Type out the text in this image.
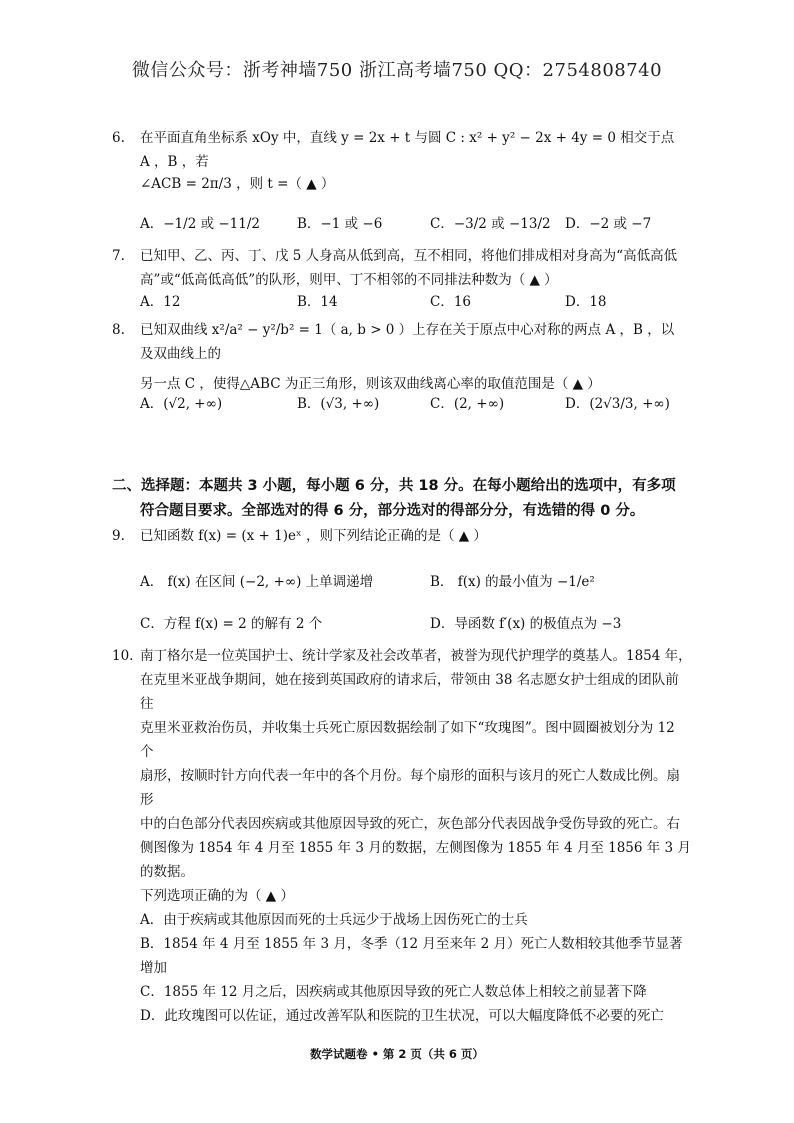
微信公众号：浙考神墙750 浙江高考墙750 QQ：2754808740
6. 在平面直角坐标系 xOy 中，直线 y = 2x + t 与圆 C : x² + y² − 2x + 4y = 0 相交于点 A ，B ，若
∠ACB = 2π/3 ，则 t =（ ▲ ）
A．−1/2 或 −11/2	B．−1 或 −6	C．−3/2 或 −13/2 D．−2 或 −7
7. 已知甲、乙、丙、丁、戊 5 人身高从低到高，互不相同，将他们排成相对身高为“高低高低
高”或“低高低高低”的队形，则甲、丁不相邻的不同排法种数为（ ▲ ）
A．12	B．14	C．16	D．18
8. 已知双曲线 x²/a² − y²/b² = 1（ a, b > 0 ）上存在关于原点中心对称的两点 A ，B ，以及双曲线上的
另一点 C ，使得△ABC 为正三角形，则该双曲线离心率的取值范围是（ ▲ ）
A．(√2, +∞)	B．(√3, +∞)	C．(2, +∞)	D．(2√3/3, +∞)
二、选择题：本题共 3 小题，每小题 6 分，共 18 分。在每小题给出的选项中，有多项
符合题目要求。全部选对的得 6 分，部分选对的得部分分，有选错的得 0 分。
9. 已知函数 f(x) = (x + 1)eˣ ，则下列结论正确的是（ ▲ ）
A． f(x) 在区间 (−2, +∞) 上单调递增	B． f(x) 的最小值为 −1/e²
C．方程 f(x) = 2 的解有 2 个	D．导函数 f′(x) 的极值点为 −3
10. 南丁格尔是一位英国护士、统计学家及社会改革者，被誉为现代护理学的奠基人。1854 年，
在克里米亚战争期间，她在接到英国政府的请求后，带领由 38 名志愿女护士组成的团队前往
克里米亚救治伤员，并收集士兵死亡原因数据绘制了如下“玫瑰图”。图中圆圈被划分为 12 个
扇形，按顺时针方向代表一年中的各个月份。每个扇形的面积与该月的死亡人数成比例。扇形
中的白色部分代表因疾病或其他原因导致的死亡，灰色部分代表因战争受伤导致的死亡。右
侧图像为 1854 年 4 月至 1855 年 3 月的数据，左侧图像为 1855 年 4 月至 1856 年 3 月的数据。
下列选项正确的为（ ▲ ）
A．由于疾病或其他原因而死的士兵远少于战场上因伤死亡的士兵
B．1854 年 4 月至 1855 年 3 月，冬季（12 月至来年 2 月）死亡人数相较其他季节显著增加
C．1855 年 12 月之后，因疾病或其他原因导致的死亡人数总体上相较之前显著下降
D．此玫瑰图可以佐证，通过改善军队和医院的卫生状况，可以大幅度降低不必要的死亡
数学试题卷 • 第 2 页（共 6 页）
